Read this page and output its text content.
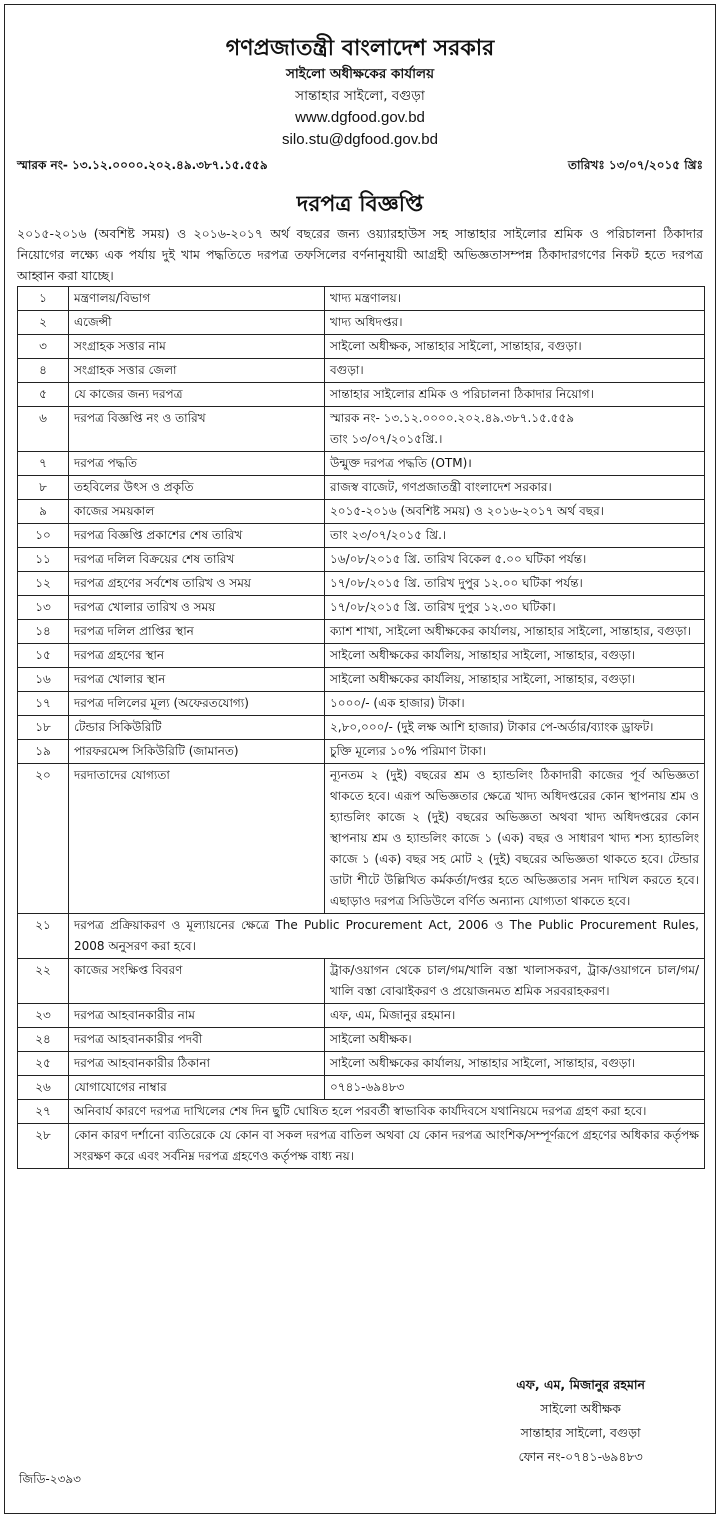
গণপ্রজাতন্ত্রী বাংলাদেশ সরকার
সাইলো অধীক্ষকের কার্যালয়
সান্তাহার সাইলো, বগুড়া
www.dgfood.gov.bd
silo.stu@dgfood.gov.bd
স্মারক নং- ১৩.১২.০০০০.২০২.৪৯.৩৮৭.১৫.৫৫৯	তারিখঃ ১৩/০৭/২০১৫ খ্রিঃ
দরপত্র বিজ্ঞপ্তি
২০১৫-২০১৬ (অবশিষ্ট সময়) ও ২০১৬-২০১৭ অর্থ বছরের জন্য ওয়্যারহাউস সহ সান্তাহার সাইলোর শ্রমিক ও পরিচালনা ঠিকাদার নিয়োগের লক্ষ্যে এক পর্যায় দুই খাম পদ্ধতিতে দরপত্র তফসিলের বর্ণনানুযায়ী আগ্রহী অভিজ্ঞতাসম্পন্ন ঠিকাদারগণের নিকট হতে দরপত্র আহ্বান করা যাচ্ছে।
১	মন্ত্রণালয়/বিভাগ	খাদ্য মন্ত্রণালয়।

২	এজেন্সী	খাদ্য অধিদপ্তর।

৩	সংগ্রাহক সত্তার নাম	সাইলো অধীক্ষক, সান্তাহার সাইলো, সান্তাহার, বগুড়া।

৪	সংগ্রাহক সত্তার জেলা	বগুড়া।

৫	যে কাজের জন্য দরপত্র	সান্তাহার সাইলোর শ্রমিক ও পরিচালনা ঠিকাদার নিয়োগ।

৬	দরপত্র বিজ্ঞপ্তি নং ও তারিখ	স্মারক নং- ১৩.১২.০০০০.২০২.৪৯.৩৮৭.১৫.৫৫৯
তাং ১৩/০৭/২০১৫খ্রি.।

৭	দরপত্র পদ্ধতি	উন্মুক্ত দরপত্র পদ্ধতি (OTM)।

৮	তহবিলের উৎস ও প্রকৃতি	রাজস্ব বাজেট, গণপ্রজাতন্ত্রী বাংলাদেশ সরকার।

৯	কাজের সময়কাল	২০১৫-২০১৬ (অবশিষ্ট সময়) ও ২০১৬-২০১৭ অর্থ বছর।

১০	দরপত্র বিজ্ঞপ্তি প্রকাশের শেষ তারিখ	তাং ২৩/০৭/২০১৫ খ্রি.।

১১	দরপত্র দলিল বিক্রয়ের শেষ তারিখ	১৬/০৮/২০১৫ খ্রি. তারিখ বিকেল ৫.০০ ঘটিকা পর্যন্ত।

১২	দরপত্র গ্রহণের সর্বশেষ তারিখ ও সময়	১৭/০৮/২০১৫ খ্রি. তারিখ দুপুর ১২.০০ ঘটিকা পর্যন্ত।

১৩	দরপত্র খোলার তারিখ ও সময়	১৭/০৮/২০১৫ খ্রি. তারিখ দুপুর ১২.৩০ ঘটিকা।

১৪	দরপত্র দলিল প্রাপ্তির স্থান	ক্যাশ শাখা, সাইলো অধীক্ষকের কার্যালয়, সান্তাহার সাইলো, সান্তাহার, বগুড়া।

১৫	দরপত্র গ্রহণের স্থান	সাইলো অধীক্ষকের কার্যলিয়, সান্তাহার সাইলো, সান্তাহার, বগুড়া।

১৬	দরপত্র খোলার স্থান	সাইলো অধীক্ষকের কার্যলিয়, সান্তাহার সাইলো, সান্তাহার, বগুড়া।

১৭	দরপত্র দলিলের মূল্য (অফেরতযোগ্য)	১০০০/- (এক হাজার) টাকা।

১৮	টেন্ডার সিকিউরিটি	২,৮০,০০০/- (দুই লক্ষ আশি হাজার) টাকার পে-অর্ডার/ব্যাংক ড্রাফট।

১৯	পারফরমেন্স সিকিউরিটি (জামানত)	চুক্তি মূল্যের ১০% পরিমাণ টাকা।

২০	দরদাতাদের যোগ্যতা	ন্যূনতম ২ (দুই) বছরের শ্রম ও হ্যান্ডলিং ঠিকাদারী কাজের পূর্ব অভিজ্ঞতা থাকতে হবে। এরূপ অভিজ্ঞতার ক্ষেত্রে খাদ্য অধিদপ্তরের কোন স্থাপনায় শ্রম ও হ্যান্ডলিং কাজে ২ (দুই) বছরের অভিজ্ঞতা অথবা খাদ্য অধিদপ্তরের কোন স্থাপনায় শ্রম ও হ্যান্ডলিং কাজে ১ (এক) বছর ও সাধারণ খাদ্য শস্য হ্যান্ডলিং কাজে ১ (এক) বছর সহ মোট ২ (দুই) বছরের অভিজ্ঞতা থাকতে হবে। টেন্ডার ডাটা শীটে উল্লিখিত কর্মকর্তা/দপ্তর হতে অভিজ্ঞতার সনদ দাখিল করতে হবে। এছাড়াও দরপত্র সিডিউলে বর্ণিত অন্যান্য যোগ্যতা থাকতে হবে।

২১	দরপত্র প্রক্রিয়াকরণ ও মূল্যায়নের ক্ষেত্রে The Public Procurement Act, 2006 ও The Public Procurement Rules, 2008 অনুসরণ করা হবে।	
২২	কাজের সংক্ষিপ্ত বিবরণ	ট্রাক/ওয়াগন থেকে চাল/গম/খালি বস্তা খালাসকরণ, ট্রাক/ওয়াগনে চাল/গম/খালি বস্তা বোঝাইকরণ ও প্রয়োজনমত শ্রমিক সরবরাহকরণ।

২৩	দরপত্র আহবানকারীর নাম	এফ, এম, মিজানুর রহমান।

২৪	দরপত্র আহবানকারীর পদবী	সাইলো অধীক্ষক।

২৫	দরপত্র আহবানকারীর ঠিকানা	সাইলো অধীক্ষকের কার্যালয়, সান্তাহার সাইলো, সান্তাহার, বগুড়া।

২৬	যোগাযোগের নাম্বার	০৭৪১-৬৯৪৮৩

২৭	অনিবার্য কারণে দরপত্র দাখিলের শেষ দিন ছুটি ঘোষিত হলে পরবর্তী স্বাভাবিক কার্যদিবসে যথানিয়মে দরপত্র গ্রহণ করা হবে।	
২৮	কোন কারণ দর্শানো ব্যতিরেকে যে কোন বা সকল দরপত্র বাতিল অথবা যে কোন দরপত্র আংশিক/সম্পূর্ণরূপে গ্রহণের অধিকার কর্তৃপক্ষ সংরক্ষণ করে এবং সর্বনিম্ন দরপত্র গ্রহণেও কর্তৃপক্ষ বাধ্য নয়।	
এফ, এম, মিজানুর রহমান
সাইলো অধীক্ষক
সান্তাহার সাইলো, বগুড়া
ফোন নং-০৭৪১-৬৯৪৮৩
জিডি-২৩৯৩
